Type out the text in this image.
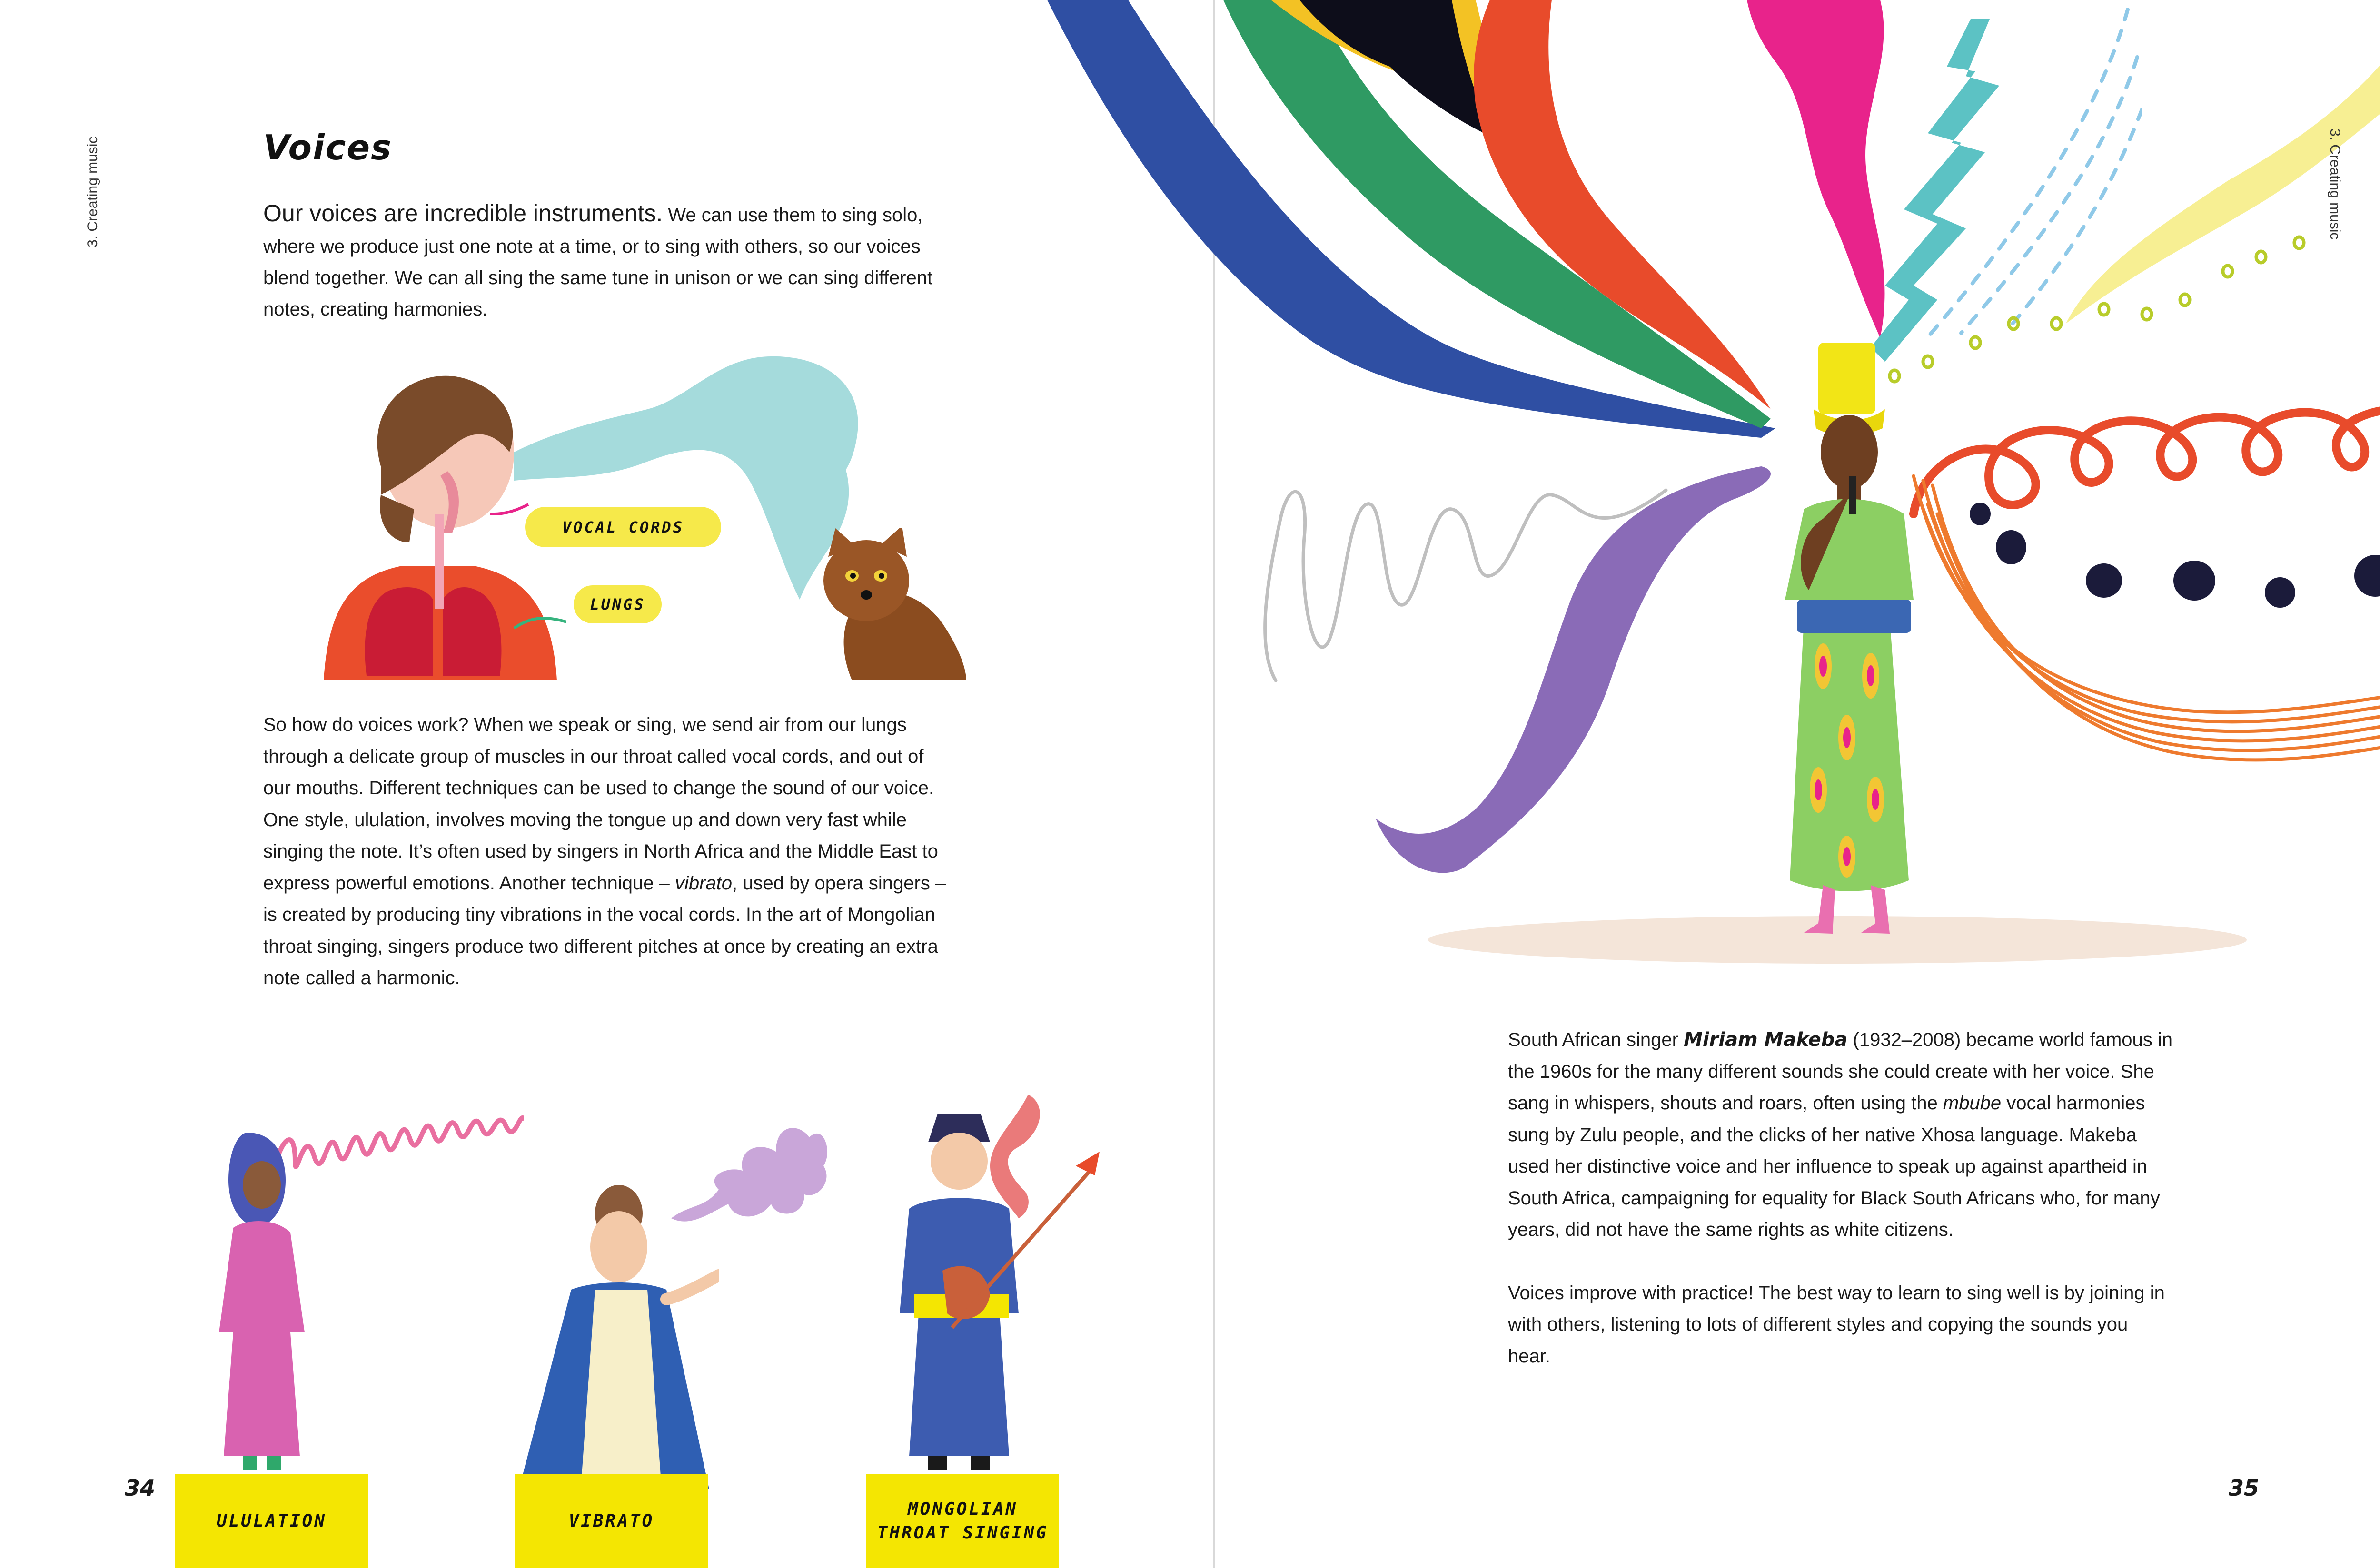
3. Creating music	3. Creating music
Voices
Our voices are incredible instruments. We can use them to sing solo, where we produce just one note at a time, or to sing with others, so our voices blend together. We can all sing the same tune in unison or we can sing different notes, creating harmonies.
VOCAL CORDS
LUNGS
So how do voices work? When we speak or sing, we send air from our lungs through a delicate group of muscles in our throat called vocal cords, and out of our mouths. Different techniques can be used to change the sound of our voice. One style, ululation, involves moving the tongue up and down very fast while singing the note. It’s often used by singers in North Africa and the Middle East to express powerful emotions. Another technique – vibrato, used by opera singers – is created by producing tiny vibrations in the vocal cords. In the art of Mongolian throat singing, singers produce two different pitches at once by creating an extra note called a harmonic.
ULULATION	VIBRATO
MONGOLIAN THROAT SINGING
34	35

South African singer Miriam Makeba (1932–2008) became world famous in the 1960s for the many different sounds she could create with her voice. She sang in whispers, shouts and roars, often using the mbube vocal harmonies sung by Zulu people, and the clicks of her native Xhosa language. Makeba used her distinctive voice and her influence to speak up against apartheid in South Africa, campaigning for equality for Black South Africans who, for many years, did not have the same rights as white citizens.

Voices improve with practice! The best way to learn to sing well is by joining in with others, listening to lots of different styles and copying the sounds you hear.
